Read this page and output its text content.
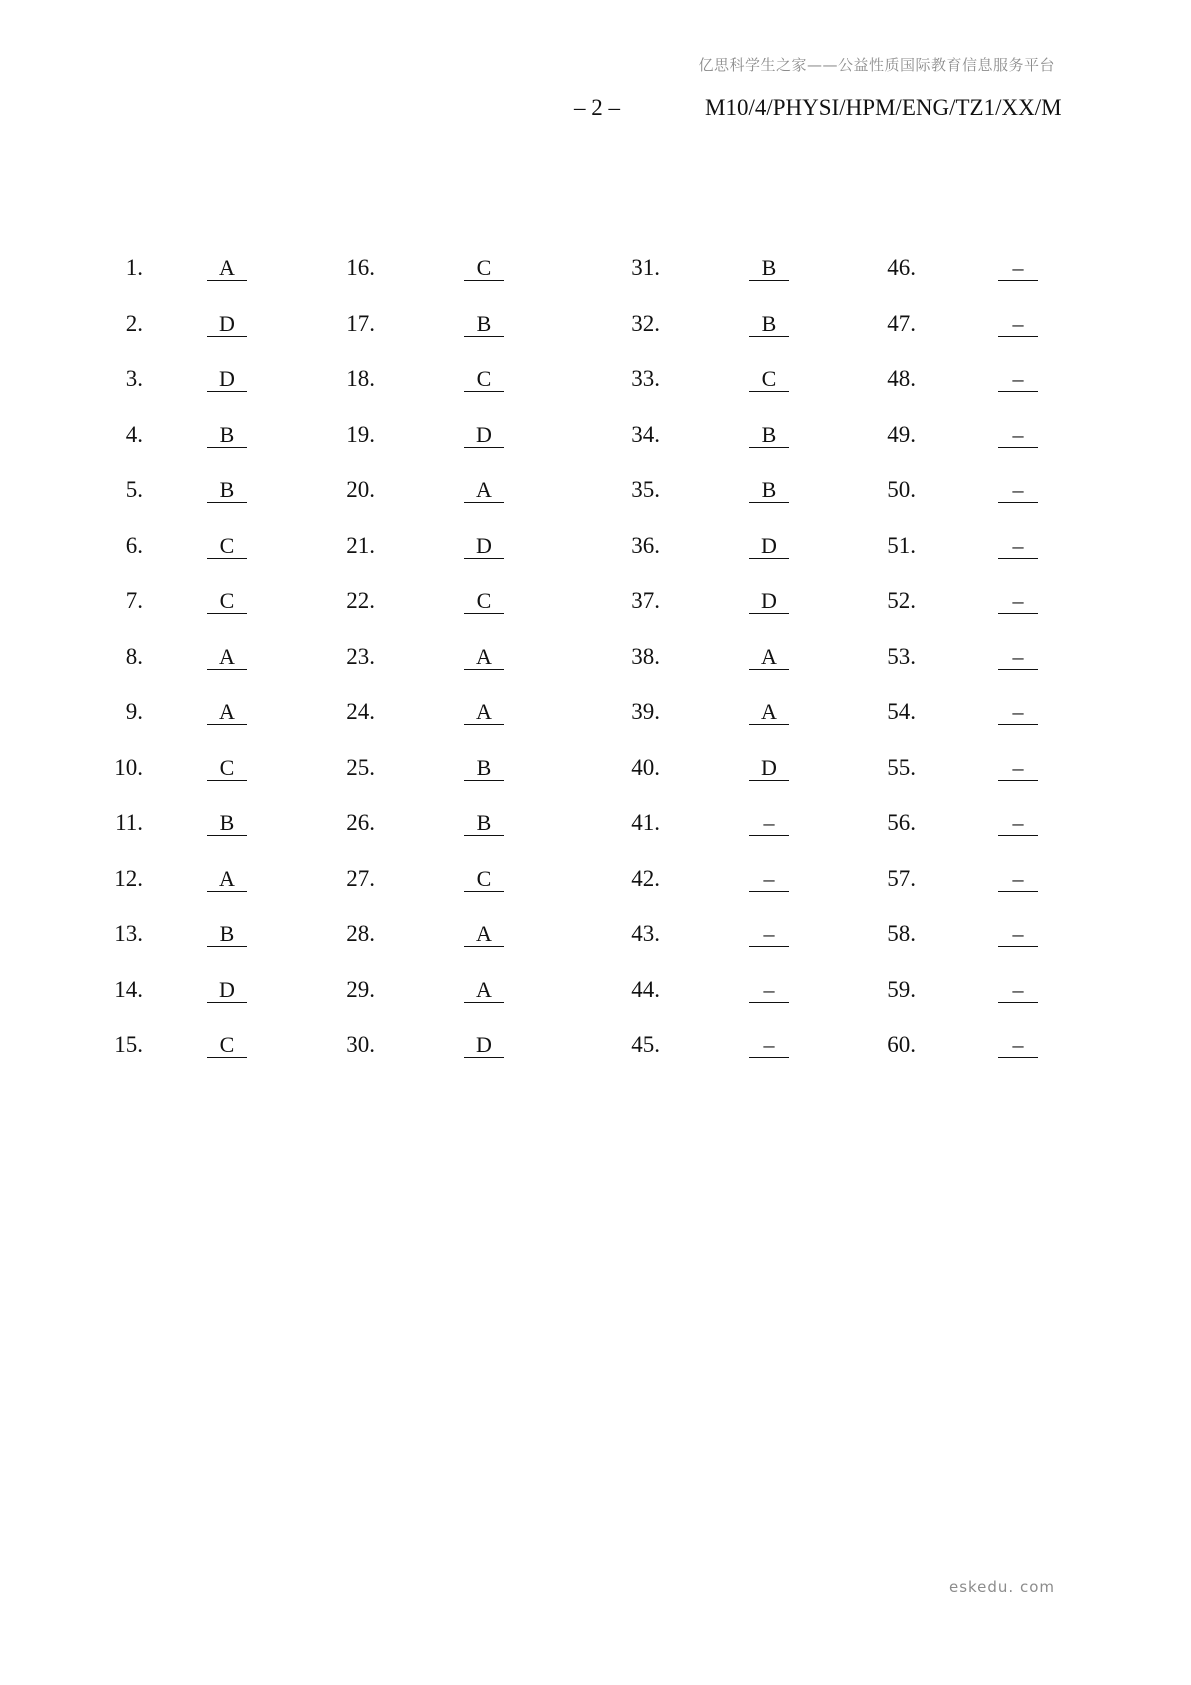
亿思科学生之家——公益性质国际教育信息服务平台
– 2 –	M10/4/PHYSI/HPM/ENG/TZ1/XX/M
1.	A
2.	D
3.	D
4.	B
5.	B
6.	C
7.	C
8.	A
9.	A
10.	C
11.	B
12.	A
13.	B
14.	D
15.	C
16.	C
17.	B
18.	C
19.	D
20.	A
21.	D
22.	C
23.	A
24.	A
25.	B
26.	B
27.	C
28.	A
29.	A
30.	D
31.	B
32.	B
33.	C
34.	B
35.	B
36.	D
37.	D
38.	A
39.	A
40.	D
41.	–
42.	–
43.	–
44.	–
45.	–
46.	–
47.	–
48.	–
49.	–
50.	–
51.	–
52.	–
53.	–
54.	–
55.	–
56.	–
57.	–
58.	–
59.	–
60.	–
eskedu. com
